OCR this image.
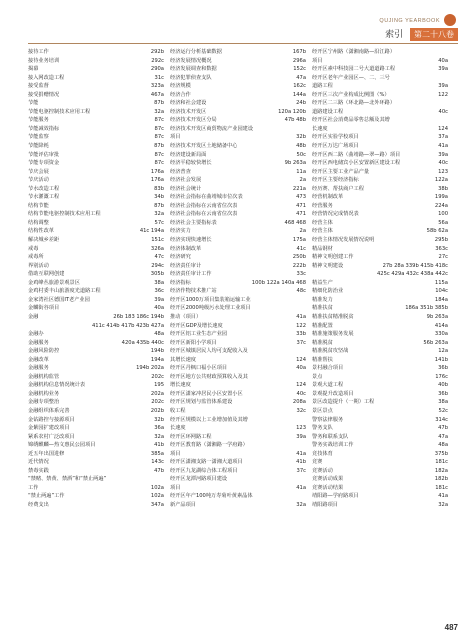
QUJING YEARBOOK
索引 第二十八卷
接待工作	292b
接待业务培训	292c
揭幕	290a
接入网改造工程	31c
接受监督	323a
接受捐赠情况	467a
节能	87b
节能电驱控制技术应用工程	32a
节能服务	87c
节能减效指标	87c
节能监察	87c
节能降耗	87b
节能评估审批	87c
节能专项资金	87c
节庆会展	176a
节庆活动	176a
节水改造工程	83b
节水灌溉工程	34b
结构节能	87b
结构节能电驱控制技术应用工程	32a
结构调整	57c
结构性改革	41c 194a
解决城乡差距	151c
戒毒	326a
戒毒所	47c
界别活动	294c
借助互联网创建	305b
金鸡峰丛旅游景观景区	38a
金鸡村委丰山旅游度光道路工程	36c
金家湾社区德国IT老产业园	39a
金麟街谷项目	40a
金融	26b 183 186c 194b
411c 414b 417b 423b 427a
金融办	48a
金融服务	420a 435b 440c
金融风险防控	194b
金融改革	194a
金融服务	194b 202a
金融机构监管	202c
金融机构信息情况统计表	195
金融机构业务	202a
金融专项整治	202c
金融组织体系完善	202b
金钻路控与接源项目	32b
金紫园扩建改项目	36a
紧系农村广泛改项目	32a
锦绣麒麟—热文惠民公园项目	41b
近五年出国进修	385a
近代情况	143c
禁毒实践	47b
“禁赌、禁黄、禁酒”和“禁止两遍”
工作	102a
“禁止两遍”工作	102a
经费支出	347a
经济运行分析基础数据	167b
经济发展情况概况	296a
经济发展调查和数据	152c
经济犯罪侦查支队	47a
经济规模	162c
经济合作	144a
经济和社会建设	24b
经济技术开发区	120a 120b
经济技术开发区分局	47b 48b
经济技术开发区商贸物流产业园建设
项目	32b
经济技术开发区土地储备中心	48b
经济建设新局面	50c
经济平稳较快增长	9b 263a
经济普查	11a
经济社会发展	2a
经济社会统计	221a
经济社会指标在曲靖城市位次表	473
经济社会指标在云南省位次表	471
经济社会指标在云南省位次表	471
经济社会主要指标表	468 468
经济实力	2a
经济实现快速增长	175a
经济体制改革	41c
经济研究	250b
经济责任审计	222b
经济责任审计工作	33c
经济指标	100b 122a 140a 468
经济作物技术推广站	48c
经开区1000万项目集装箱运输工业
经开区2000吨级污水处理工业项目
推动（项目）	41a
经开区GDP及增长速度	122
经开区铝工业生态产业园	33b
经开区新阳小学项目	37c
经开区城镇居民人均可支配收入及
其增长速度	124
经开区丹枫口福小区项目	40a
经开区地方公共财政预算收入及其
增长速度	124
经开区潇家冲居民小区安置小区	40c
经开区规划与监管体系建设	208a
收工程	32c
经开区规模以上工业增加值及其增
长速度	123
经开区环网路工程	39a
经开区教育路（潇湘路一学府路）
项目	41a
经开区潇湘支路一潇湘大道项目	41b
经开区九龙湖综合体工程项目	37c
经开区龙潭河路项目建设
项目	41a
经开区年产100吨万寿菊叶黄素晶体
新产品项目	32a
经开区宁州路（潇湘南路—沿江路）
项目	40a
经开区素中科技园二号大道道路工程	39a
经开区老年产业园区—、二、三号
道路工程	39a
经开区三次产业构成比例图（%）	122
经开区二三路（环北路—北外环路）
道路建设工程	40c
经开区社会消费品零售总额及其增
长速度	124
经开区实验学校项目	37a
经开区万达广场项目	41a
经开区西二路（曲靖路—翠—路）项目	39a
经开区西电储宾小区安置新区建设工程	40c
经开区主要工业产品产量	123
经开区主要经济指标	122a
经历赛、帮扶商户工程	38b
经营机制改革	199a
经营服务	224a
经营情况完成情况表	100
经营主体	56a
经营主体	58b 62a
经营主体情况发展情况说明	295b
精品钢材	363c
精神文明创建工作	27c
精神文明建设	27b 28a 339b 415b 418c
425c 429a 432c 438a 442c
精益生产	115a
精细化防治业	104c
精准发力	184a
精准扶贫	186a 351b 385b
精准扶贫精准脱贫	9b 263a
精准配置	414a
精准施策服务发展	330a
精准脱贫	56b 263a
精准脱贫攻坚战	12a
精准帮扶	141b
景村融合项目	36b
景点	176c
景观大道工程	40b
景观提升改造项目	36b
景区改造提升（一期）工程	38a
景区景点	52c
警察法律服务	314c
警务支队	47b
警务和联系支队	47a
警务实战培训工作	48a
竞技体育	375b
竞赛	181c
竞赛活动	182a
竞赛活动成果	182b
竞赛活动结果	181c
靖阳路—学府路项目	41a
靖阳路项目	32a
487
